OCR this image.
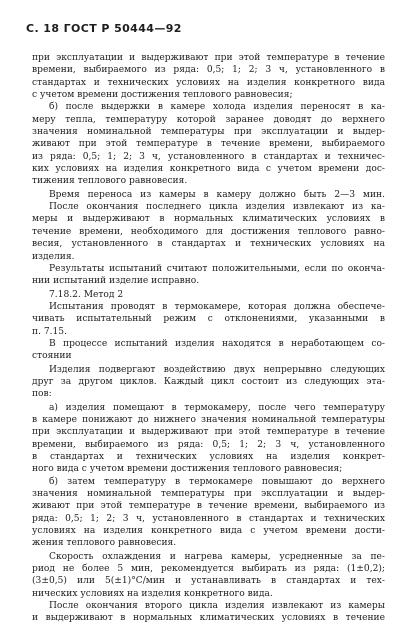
С. 18 ГОСТ Р 50444—92
при эксплуатации и выдерживают при этой температуре в течение
времени, выбираемого из ряда: 0,5; 1; 2; 3 ч, установленного в
стандартах и технических условиях на изделия конкретного вида
с учетом времени достижения теплового равновесия;
б) после выдержки в камере холода изделия переносят в ка-
меру тепла, температуру которой заранее доводят до верхнего
значения номинальной температуры при эксплуатации и выдер-
живают при этой температуре в течение времени, выбираемого
из ряда: 0,5; 1; 2; 3 ч, установленного в стандартах и техничес-
ких условиях на изделия конкретного вида с учетом времени дос-
тижения теплового равновесия.
Время переноса из камеры в камеру должно быть 2—3 мин.
После окончания последнего цикла изделия извлекают из ка-
меры и выдерживают в нормальных климатических условиях в
течение времени, необходимого для достижения теплового равно-
весия, установленного в стандартах и технических условиях на
изделия.
Результаты испытаний считают положительными, если по оконча-
нии испытаний изделие исправно.
7.18.2. Метод 2
Испытания проводят в термокамере, которая должна обеспече-
чивать испытательный режим с отклонениями, указанными в
п. 7.15.
В процессе испытаний изделия находятся в неработающем со-
стоянии
Изделия подвергают воздействию двух непрерывно следующих
друг за другом циклов. Каждый цикл состоит из следующих эта-
пов:
а) изделия помещают в термокамеру, после чего температуру
в камере понижают до нижнего значения номинальной температуры
при эксплуатации и выдерживают при этой температуре в течение
времени, выбираемого из ряда: 0,5; 1; 2; 3 ч, установленного
в стандартах и технических условиях на изделия конкрет-
ного вида с учетом времени достижения теплового равновесия;
б) затем температуру в термокамере повышают до верхнего
значения номинальной температуры при эксплуатации и выдер-
живают при этой температуре в течение времени, выбираемого из
ряда: 0,5; 1; 2; 3 ч, установленного в стандартах и технических
условиях на изделия конкретного вида с учетом времени дости-
жения теплового равновесия.
Скорость охлаждения и нагрева камеры, усредненные за пе-
риод не более 5 мин, рекомендуется выбирать из ряда: (1±0,2);
(3±0,5) или 5(±1)°C/мин и устанавливать в стандартах и тех-
нических условиях на изделия конкретного вида.
После окончания второго цикла изделия извлекают из камеры
и выдерживают в нормальных климатических условиях в течение
